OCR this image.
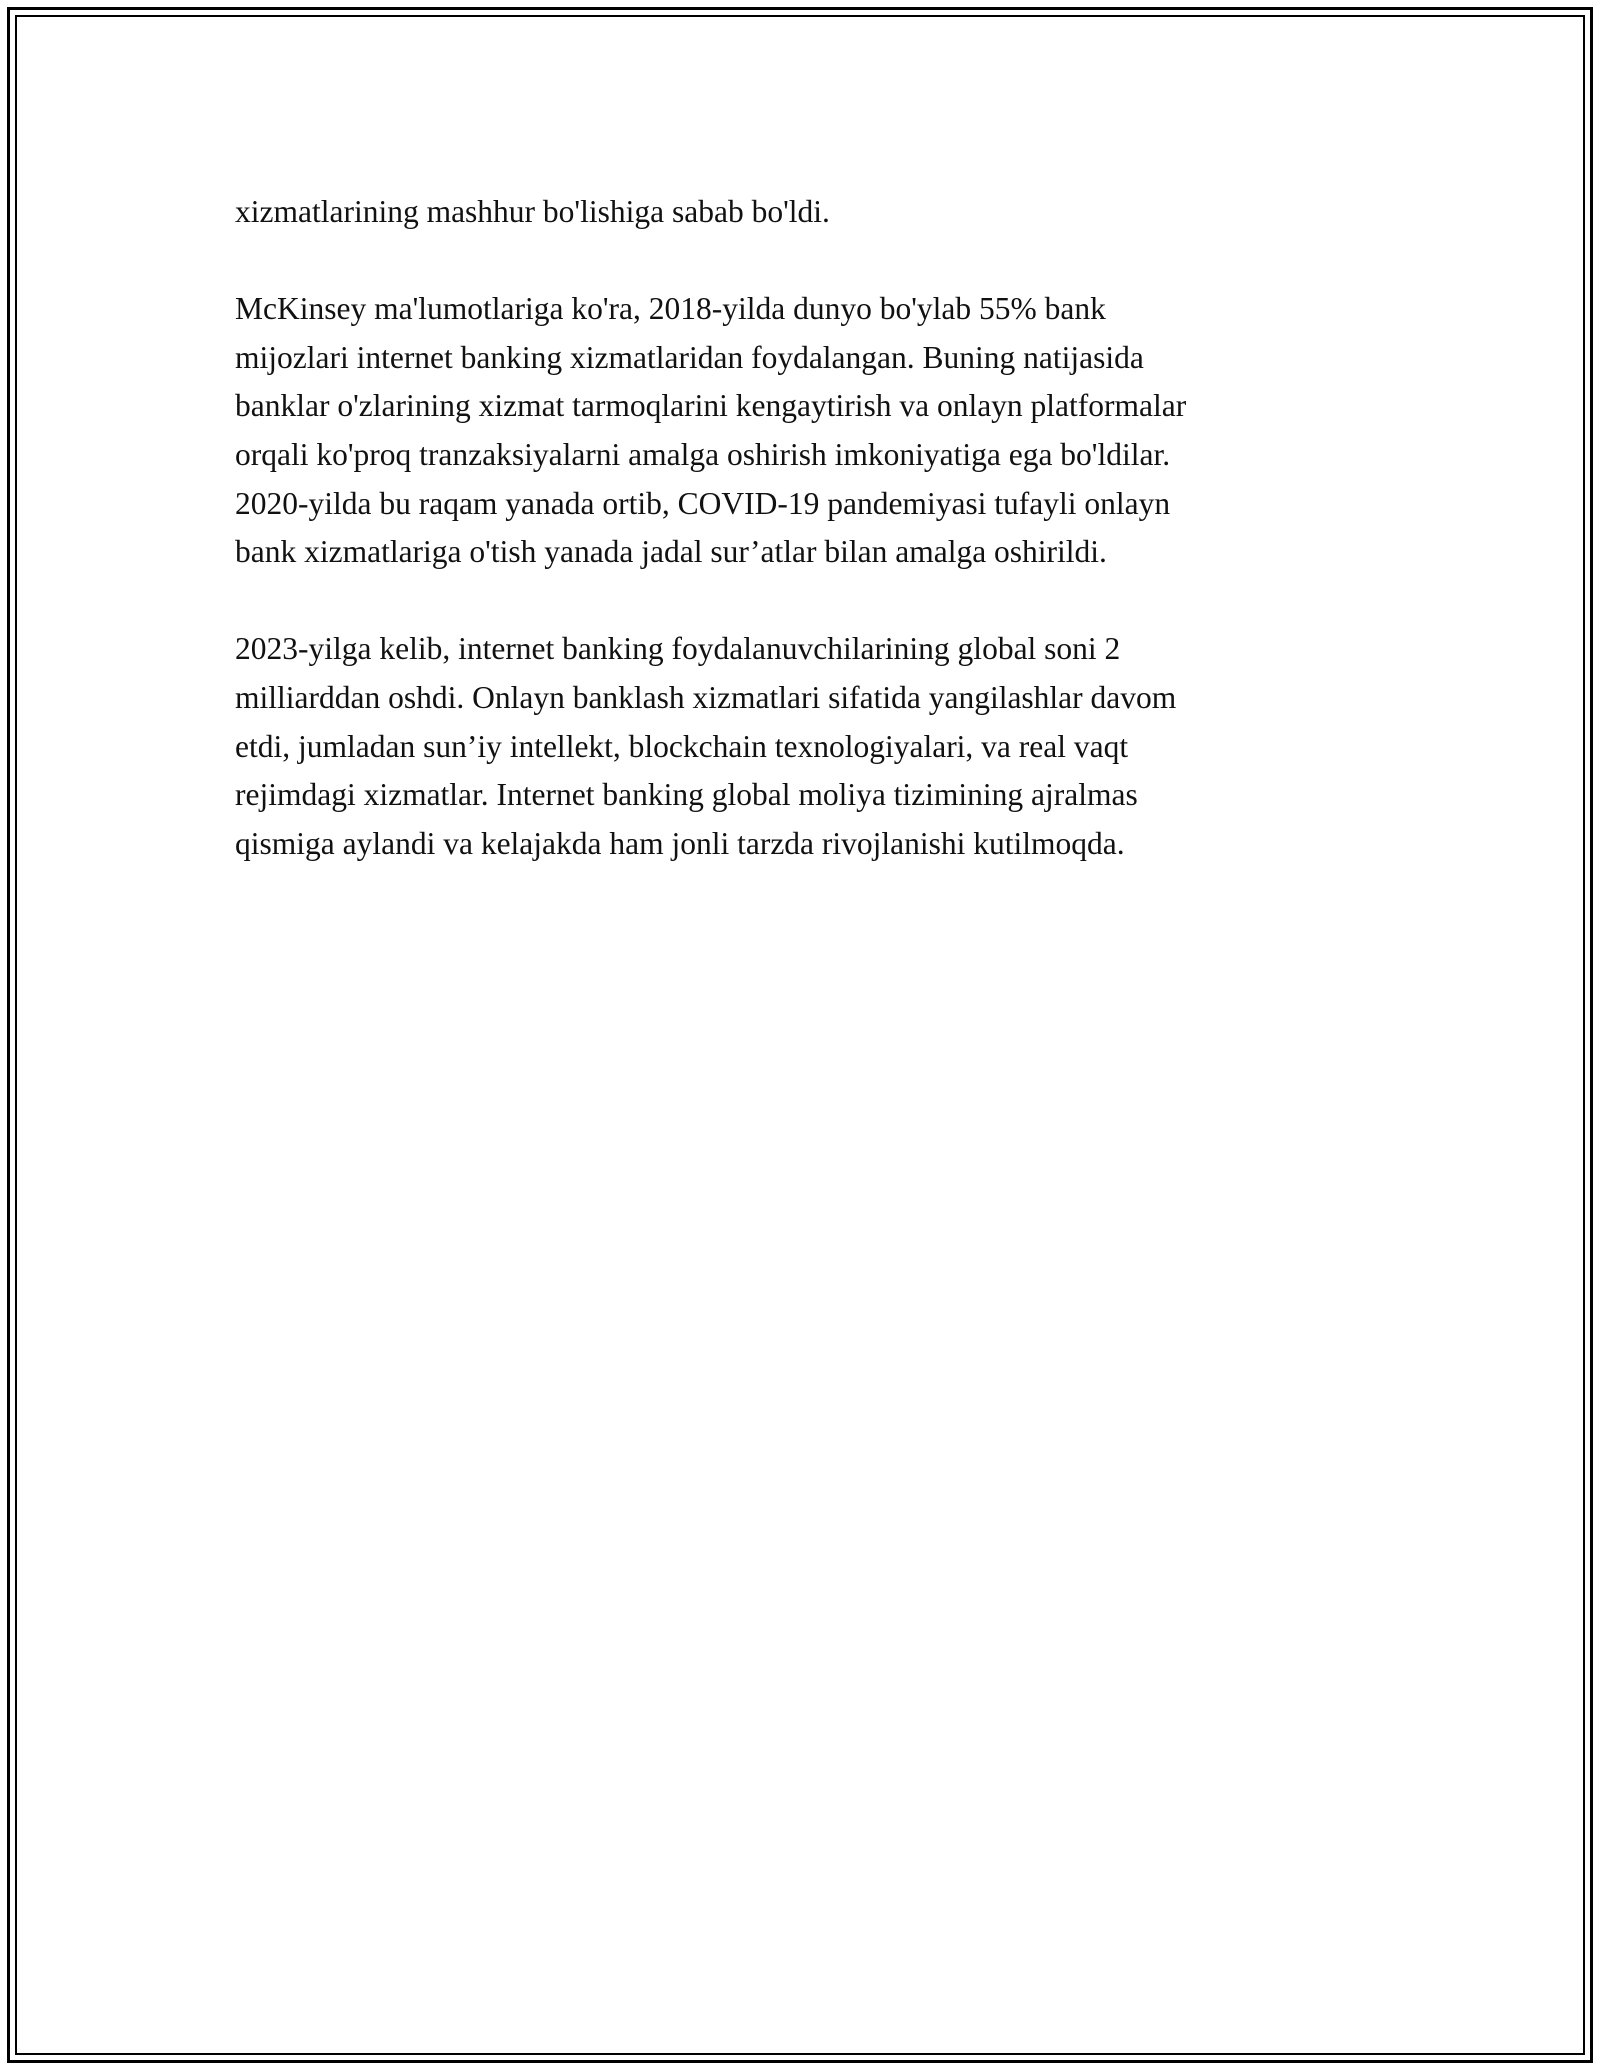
xizmatlarining mashhur bo'lishiga sabab bo'ldi.

McKinsey ma'lumotlariga ko'ra, 2018-yilda dunyo bo'ylab 55% bank
mijozlari internet banking xizmatlaridan foydalangan. Buning natijasida
banklar o'zlarining xizmat tarmoqlarini kengaytirish va onlayn platformalar
orqali ko'proq tranzaksiyalarni amalga oshirish imkoniyatiga ega bo'ldilar.
2020-yilda bu raqam yanada ortib, COVID-19 pandemiyasi tufayli onlayn
bank xizmatlariga o'tish yanada jadal sur’atlar bilan amalga oshirildi.

2023-yilga kelib, internet banking foydalanuvchilarining global soni 2
milliarddan oshdi. Onlayn banklash xizmatlari sifatida yangilashlar davom
etdi, jumladan sun’iy intellekt, blockchain texnologiyalari, va real vaqt
rejimdagi xizmatlar. Internet banking global moliya tizimining ajralmas
qismiga aylandi va kelajakda ham jonli tarzda rivojlanishi kutilmoqda.
